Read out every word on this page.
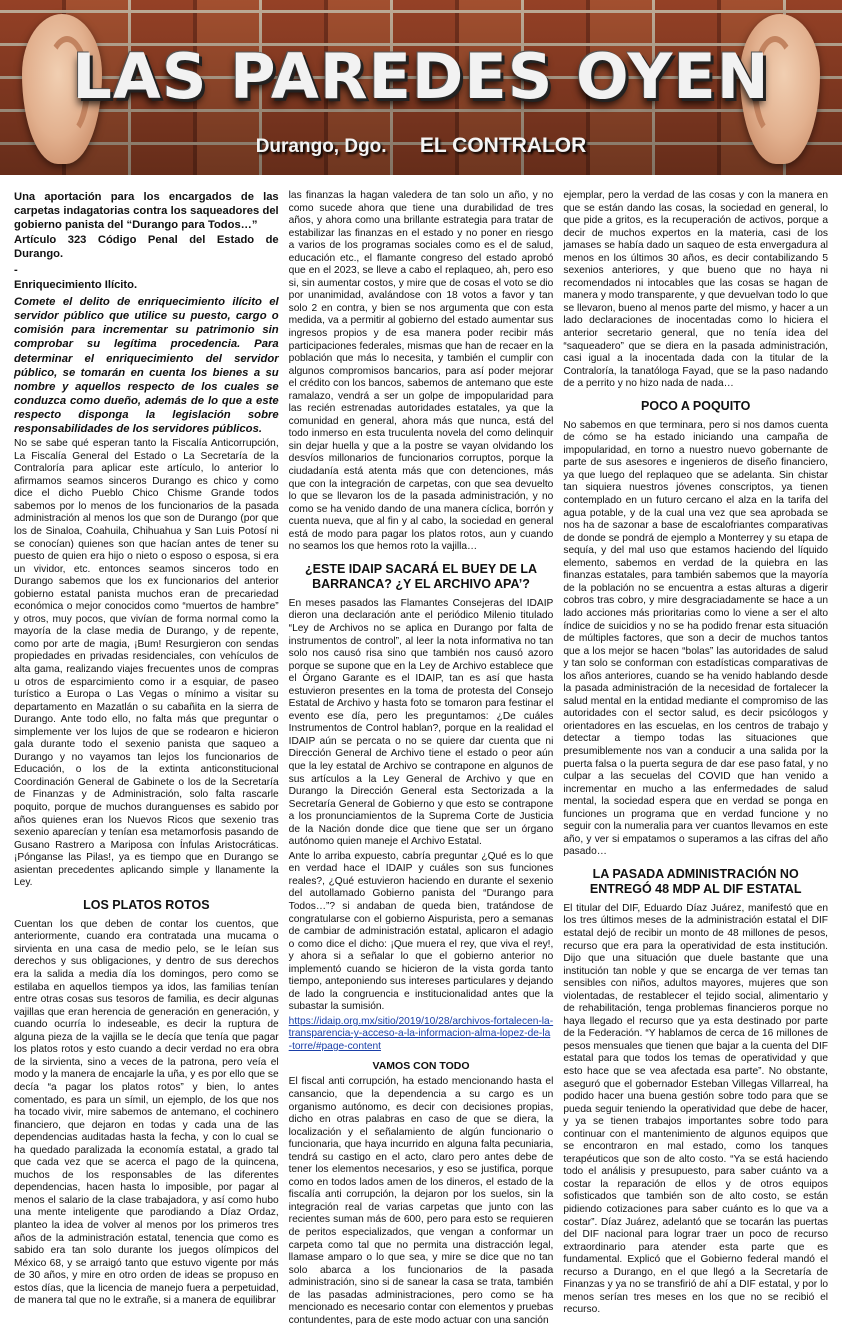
LAS PAREDES OYEN
Durango, Dgo. EL CONTRALOR

Una aportación para los encargados de las carpetas indagatorias contra los saqueadores del gobierno panista del “Durango para Todos…”

Artículo 323 Código Penal del Estado de Durango.

-

Enriquecimiento Ilícito.

Comete el delito de enriquecimiento ilícito el servidor público que utilice su puesto, cargo o comisión para incrementar su patrimonio sin comprobar su legítima procedencia. Para determinar el enriquecimiento del servidor público, se tomarán en cuenta los bienes a su nombre y aquellos respecto de los cuales se conduzca como dueño, además de lo que a este respecto disponga la legislación sobre responsabilidades de los servidores públicos.

No se sabe qué esperan tanto la Fiscalía Anticorrupción, La Fiscalía General del Estado o La Secretaría de la Contraloría para aplicar este artículo, lo anterior lo afirmamos seamos sinceros Durango es chico y como dice el dicho Pueblo Chico Chisme Grande todos sabemos por lo menos de los funcionarios de la pasada administración al menos los que son de Durango (por que los de Sinaloa, Coahuila, Chihuahua y San Luis Potosí ni se conocían) quienes son que hacían antes de tener su puesto de quien era hijo o nieto o esposo o esposa, si era un vividor, etc. entonces seamos sinceros todo en Durango sabemos que los ex funcionarios del anterior gobierno estatal panista muchos eran de precariedad económica o mejor conocidos como “muertos de hambre” y otros, muy pocos, que vivían de forma normal como la mayoría de la clase media de Durango, y de repente, como por arte de magia, ¡Bum! Resurgieron con sendas propiedades en privadas residenciales, con vehículos de alta gama, realizando viajes frecuentes unos de compras u otros de esparcimiento como ir a esquiar, de paseo turístico a Europa o Las Vegas o mínimo a visitar su departamento en Mazatlán o su cabañita en la sierra de Durango. Ante todo ello, no falta más que preguntar o simplemente ver los lujos de que se rodearon e hicieron gala durante todo el sexenio panista que saqueo a Durango y no vayamos tan lejos los funcionarios de Educación, o los de la extinta anticonstitucional Coordinación General de Gabinete o los de la Secretaría de Finanzas y de Administración, solo falta rascarle poquito, porque de muchos duranguenses es sabido por años quienes eran los Nuevos Ricos que sexenio tras sexenio aparecían y tenían esa metamorfosis pasando de Gusano Rastrero a Mariposa con Ínfulas Aristocráticas. ¡Pónganse las Pilas!, ya es tiempo que en Durango se asientan precedentes aplicando simple y llanamente la Ley.

LOS PLATOS ROTOS

Cuentan los que deben de contar los cuentos, que anteriormente, cuando era contratada una mucama o sirvienta en una casa de medio pelo, se le leían sus derechos y sus obligaciones, y dentro de sus derechos era la salida a media día los domingos, pero como se estilaba en aquellos tiempos ya idos, las familias tenían entre otras cosas sus tesoros de familia, es decir algunas vajillas que eran herencia de generación en generación, y cuando ocurría lo indeseable, es decir la ruptura de alguna pieza de la vajilla se le decía que tenía que pagar los platos rotos y esto cuando a decir verdad no era obra de la sirvienta, sino a veces de la patrona, pero veía el modo y la manera de encajarle la uña, y es por ello que se decía “a pagar los platos rotos” y bien, lo antes comentado, es para un símil, un ejemplo, de los que nos ha tocado vivir, mire sabemos de antemano, el cochinero financiero, que dejaron en todas y cada una de las dependencias auditadas hasta la fecha, y con lo cual se ha quedado paralizada la economía estatal, a grado tal que cada vez que se acerca el pago de la quincena, muchos de los responsables de las diferentes dependencias, hacen hasta lo imposible, por pagar al menos el salario de la clase trabajadora, y así como hubo una mente inteligente que parodiando a Díaz Ordaz, planteo la idea de volver al menos por los primeros tres años de la administración estatal, tenencia que como es sabido era tan solo durante los juegos olímpicos del México 68, y se arraigó tanto que estuvo vigente por más de 30 años, y mire en otro orden de ideas se propuso en estos días, que la licencia de manejo fuera a perpetuidad, de manera tal que no le extrañe, si a manera de equilibrar

las finanzas la hagan valedera de tan solo un año, y no como sucede ahora que tiene una durabilidad de tres años, y ahora como una brillante estrategia para tratar de estabilizar las finanzas en el estado y no poner en riesgo a varios de los programas sociales como es el de salud, educación etc., el flamante congreso del estado aprobó que en el 2023, se lleve a cabo el replaqueo, ah, pero eso si, sin aumentar costos, y mire que de cosas el voto se dio por unanimidad, avalándose con 18 votos a favor y tan solo 2 en contra, y bien se nos argumenta que con esta medida, va a permitir al gobierno del estado aumentar sus ingresos propios y de esa manera poder recibir más participaciones federales, mismas que han de recaer en la población que más lo necesita, y también el cumplir con algunos compromisos bancarios, para así poder mejorar el crédito con los bancos, sabemos de antemano que este ramalazo, vendrá a ser un golpe de impopularidad para las recién estrenadas autoridades estatales, ya que la comunidad en general, ahora más que nunca, está del todo inmerso en esta truculenta novela del como delinquir sin dejar huella y que a la postre se vayan olvidando los desvíos millonarios de funcionarios corruptos, porque la ciudadanía está atenta más que con detenciones, más que con la integración de carpetas, con que sea devuelto lo que se llevaron los de la pasada administración, y no como se ha venido dando de una manera cíclica, borrón y cuenta nueva, que al fin y al cabo, la sociedad en general está de modo para pagar los platos rotos, aun y cuando no seamos los que hemos roto la vajilla…

¿ESTE IDAIP SACARÁ EL BUEY DE LA BARRANCA? ¿Y EL ARCHIVO APA’?

En meses pasados las Flamantes Consejeras del IDAIP dieron una declaración ante el periódico Milenio titulado “Ley de Archivos no se aplica en Durango por falta de instrumentos de control”, al leer la nota informativa no tan solo nos causó risa sino que también nos causó azoro porque se supone que en la Ley de Archivo establece que el Órgano Garante es el IDAIP, tan es así que hasta estuvieron presentes en la toma de protesta del Consejo Estatal de Archivo y hasta foto se tomaron para festinar el evento ese día, pero les preguntamos: ¿De cuáles Instrumentos de Control hablan?, porque en la realidad el IDAIP aún se percata o no se quiere dar cuenta que ni Dirección General de Archivo tiene el estado o peor aún que la ley estatal de Archivo se contrapone en algunos de sus artículos a la Ley General de Archivo y que en Durango la Dirección General esta Sectorizada a la Secretaría General de Gobierno y que esto se contrapone a los pronunciamientos de la Suprema Corte de Justicia de la Nación donde dice que tiene que ser un órgano autónomo quien maneje el Archivo Estatal.

Ante lo arriba expuesto, cabría preguntar ¿Qué es lo que en verdad hace el IDAIP y cuáles son sus funciones reales?, ¿Qué estuvieron haciendo en durante el sexenio del autollamado Gobierno panista del “Durango para Todos…”? si andaban de queda bien, tratándose de congratularse con el gobierno Aispurista, pero a semanas de cambiar de administración estatal, aplicaron el adagio o como dice el dicho: ¡Que muera el rey, que viva el rey!, y ahora si a señalar lo que el gobierno anterior no implementó cuando se hicieron de la vista gorda tanto tiempo, anteponiendo sus intereses particulares y dejando de lado la congruencia e institucionalidad antes que la subastar la sumisión.

https://idaip.org.mx/sitio/2019/10/28/archivos-fortalecen-la-transparencia-y-acceso-a-la-informacion-alma-lopez-de-la-torre/#page-content

VAMOS CON TODO

El fiscal anti corrupción, ha estado mencionando hasta el cansancio, que la dependencia a su cargo es un organismo autónomo, es decir con decisiones propias, dicho en otras palabras en caso de que se diera, la localización y el señalamiento de algún funcionario o funcionaria, que haya incurrido en alguna falta pecuniaria, tendrá su castigo en el acto, claro pero antes debe de tener los elementos necesarios, y eso se justifica, porque como en todos lados amen de los dineros, el estado de la fiscalía anti corrupción, la dejaron por los suelos, sin la integración real de varias carpetas que junto con las recientes suman más de 600, pero para esto se requieren de peritos especializados, que vengan a conformar un carpeta como tal que no permita una distracción legal, llamase amparo o lo que sea, y mire se dice que no tan solo abarca a los funcionarios de la pasada administración, sino si de sanear la casa se trata, también de las pasadas administraciones, pero como se ha mencionado es necesario contar con elementos y pruebas contundentes, para de este modo actuar con una sanción

ejemplar, pero la verdad de las cosas y con la manera en que se están dando las cosas, la sociedad en general, lo que pide a gritos, es la recuperación de activos, porque a decir de muchos expertos en la materia, casi de los jamases se había dado un saqueo de esta envergadura al menos en los últimos 30 años, es decir contabilizando 5 sexenios anteriores, y que bueno que no haya ni recomendados ni intocables que las cosas se hagan de manera y modo transparente, y que devuelvan todo lo que se llevaron, bueno al menos parte del mismo, y hacer a un lado declaraciones de inocentadas como lo hiciera el anterior secretario general, que no tenía idea del “saqueadero” que se diera en la pasada administración, casi igual a la inocentada dada con la titular de la Contraloría, la tanatóloga Fayad, que se la paso nadando de a perrito y no hizo nada de nada…

POCO A POQUITO

No sabemos en que terminara, pero si nos damos cuenta de cómo se ha estado iniciando una campaña de impopularidad, en torno a nuestro nuevo gobernante de parte de sus asesores e ingenieros de diseño financiero, ya que luego del replaqueo que se adelanta. Sin chistar tan siquiera nuestros jóvenes conscriptos, ya tienen contemplado en un futuro cercano el alza en la tarifa del agua potable, y de la cual una vez que sea aprobada se nos ha de sazonar a base de escalofriantes comparativas de donde se pondrá de ejemplo a Monterrey y su etapa de sequía, y del mal uso que estamos haciendo del líquido elemento, sabemos en verdad de la quiebra en las finanzas estatales, para también sabemos que la mayoría de la población no se encuentra a estas alturas a digerir cobros tras cobro, y mire desgraciadamente se hace a un lado acciones más prioritarias como lo viene a ser el alto índice de suicidios y no se ha podido frenar esta situación de múltiples factores, que son a decir de muchos tantos que a los mejor se hacen “bolas” las autoridades de salud y tan solo se conforman con estadísticas comparativas de los años anteriores, cuando se ha venido hablando desde la pasada administración de la necesidad de fortalecer la salud mental en la entidad mediante el compromiso de las autoridades con el sector salud, es decir psicólogos y orientadores en las escuelas, en los centros de trabajo y detectar a tiempo todas las situaciones que presumiblemente nos van a conducir a una salida por la puerta falsa o la puerta segura de dar ese paso fatal, y no culpar a las secuelas del COVID que han venido a incrementar en mucho a las enfermedades de salud mental, la sociedad espera que en verdad se ponga en funciones un programa que en verdad funcione y no seguir con la numeralia para ver cuantos llevamos en este año, y ver si empatamos o superamos a las cifras del año pasado…

LA PASADA ADMINISTRACIÓN NO ENTREGÓ 48 MDP AL DIF ESTATAL

El titular del DIF, Eduardo Díaz Juárez, manifestó que en los tres últimos meses de la administración estatal el DIF estatal dejó de recibir un monto de 48 millones de pesos, recurso que era para la operatividad de esta institución. Dijo que una situación que duele bastante que una institución tan noble y que se encarga de ver temas tan sensibles con niños, adultos mayores, mujeres que son violentadas, de restablecer el tejido social, alimentario y de rehabilitación, tenga problemas financieros porque no haya llegado el recurso que ya esta destinado por parte de la Federación. “Y hablamos de cerca de 16 millones de pesos mensuales que tienen que bajar a la cuenta del DIF estatal para que todos los temas de operatividad y que esto hace que se vea afectada esa parte”. No obstante, aseguró que el gobernador Esteban Villegas Villarreal, ha podido hacer una buena gestión sobre todo para que se pueda seguir teniendo la operatividad que debe de hacer, y ya se tienen trabajos importantes sobre todo para continuar con el mantenimiento de algunos equipos que se encontraron en mal estado, como los tanques terapéuticos que son de alto costo. “Ya se está haciendo todo el análisis y presupuesto, para saber cuánto va a costar la reparación de ellos y de otros equipos sofisticados que también son de alto costo, se están pidiendo cotizaciones para saber cuánto es lo que va a costar”. Díaz Juárez, adelantó que se tocarán las puertas del DIF nacional para lograr traer un poco de recurso extraordinario para atender esta parte que es fundamental. Explicó que el Gobierno federal mandó el recurso a Durango, en el que llegó a la Secretaría de Finanzas y ya no se transfirió de ahí a DIF estatal, y por lo menos serían tres meses en los que no se recibió el recurso.
